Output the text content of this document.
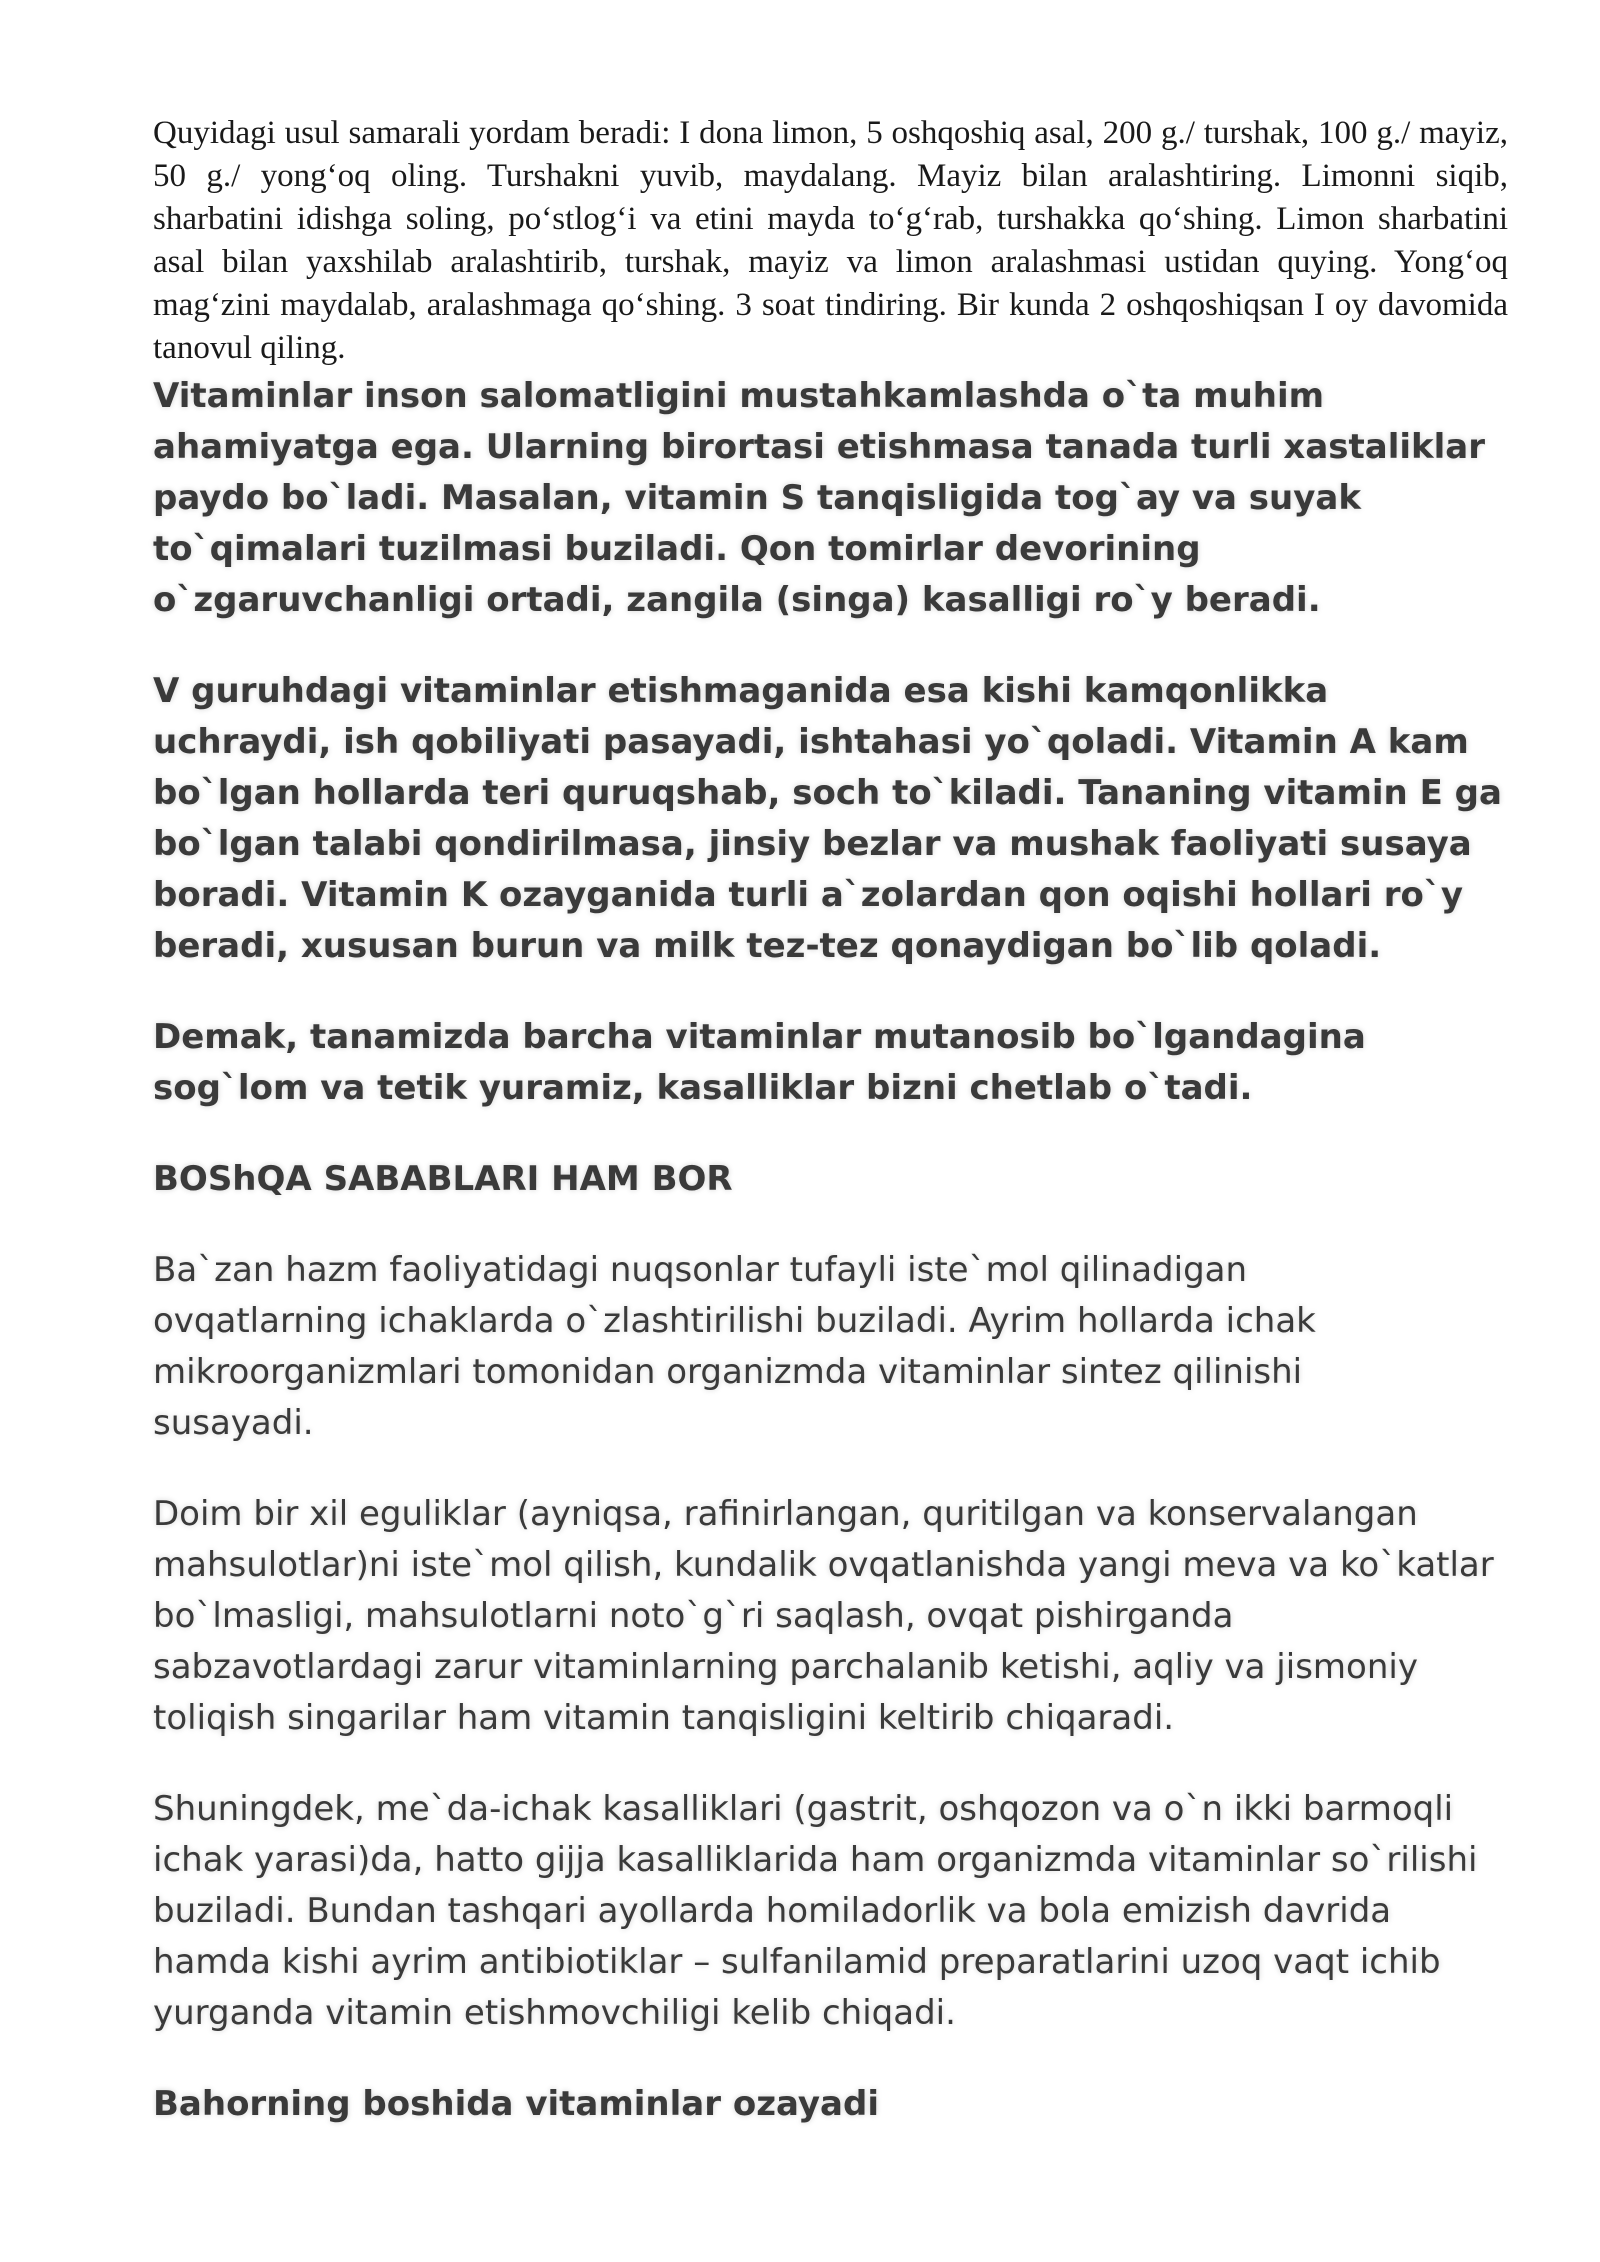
Quyidagi usul samarali yordam beradi: I dona limon, 5 oshqoshiq asal, 200 g./ turshak, 100 g./ mayiz, 50 g./ yong‘oq oling. Turshakni yuvib, maydalang. Mayiz bilan aralashtiring. Limonni siqib, sharbatini idishga soling, po‘stlog‘i va etini mayda to‘g‘rab, turshakka qo‘shing. Limon sharbatini asal bilan yaxshilab aralashtirib, turshak, mayiz va limon aralashmasi ustidan quying. Yong‘oq mag‘zini maydalab, aralashmaga qo‘shing. 3 soat tindiring. Bir kunda 2 oshqoshiqsan I oy davomida tanovul qiling.

Vitaminlar inson salomatligini mustahkamlashda o`ta muhim ahamiyatga ega. Ularning birortasi etishmasa tanada turli xastaliklar paydo bo`ladi. Masalan, vitamin S tanqisligida tog`ay va suyak to`qimalari tuzilmasi buziladi. Qon tomirlar devorining o`zgaruvchanligi ortadi, zangila (singa) kasalligi ro`y beradi.

V guruhdagi vitaminlar etishmaganida esa kishi kamqonlikka uchraydi, ish qobiliyati pasayadi, ishtahasi yo`qoladi. Vitamin A kam bo`lgan hollarda teri quruqshab, soch to`kiladi. Tananing vitamin E ga bo`lgan talabi qondirilmasa, jinsiy bezlar va mushak faoliyati susaya boradi. Vitamin K ozayganida turli a`zolardan qon oqishi hollari ro`y beradi, xususan burun va milk tez-tez qonaydigan bo`lib qoladi.

Demak, tanamizda barcha vitaminlar mutanosib bo`lgandagina sog`lom va tetik yuramiz, kasalliklar bizni chetlab o`tadi.

BOShQA SABABLARI HAM BOR

Ba`zan hazm faoliyatidagi nuqsonlar tufayli iste`mol qilinadigan ovqatlarning ichaklarda o`zlashtirilishi buziladi. Ayrim hollarda ichak mikroorganizmlari tomonidan organizmda vitaminlar sintez qilinishi susayadi.

Doim bir xil eguliklar (ayniqsa, rafinirlangan, quritilgan va konservalangan mahsulotlar)ni iste`mol qilish, kundalik ovqatlanishda yangi meva va ko`katlar bo`lmasligi, mahsulotlarni noto`g`ri saqlash, ovqat pishirganda sabzavotlardagi zarur vitaminlarning parchalanib ketishi, aqliy va jismoniy toliqish singarilar ham vitamin tanqisligini keltirib chiqaradi.

Shuningdek, me`da-ichak kasalliklari (gastrit, oshqozon va o`n ikki barmoqli ichak yarasi)da, hatto gijja kasalliklarida ham organizmda vitaminlar so`rilishi buziladi. Bundan tashqari ayollarda homiladorlik va bola emizish davrida hamda kishi ayrim antibiotiklar – sulfanilamid preparatlarini uzoq vaqt ichib yurganda vitamin etishmovchiligi kelib chiqadi.

Bahorning boshida vitaminlar ozayadi
